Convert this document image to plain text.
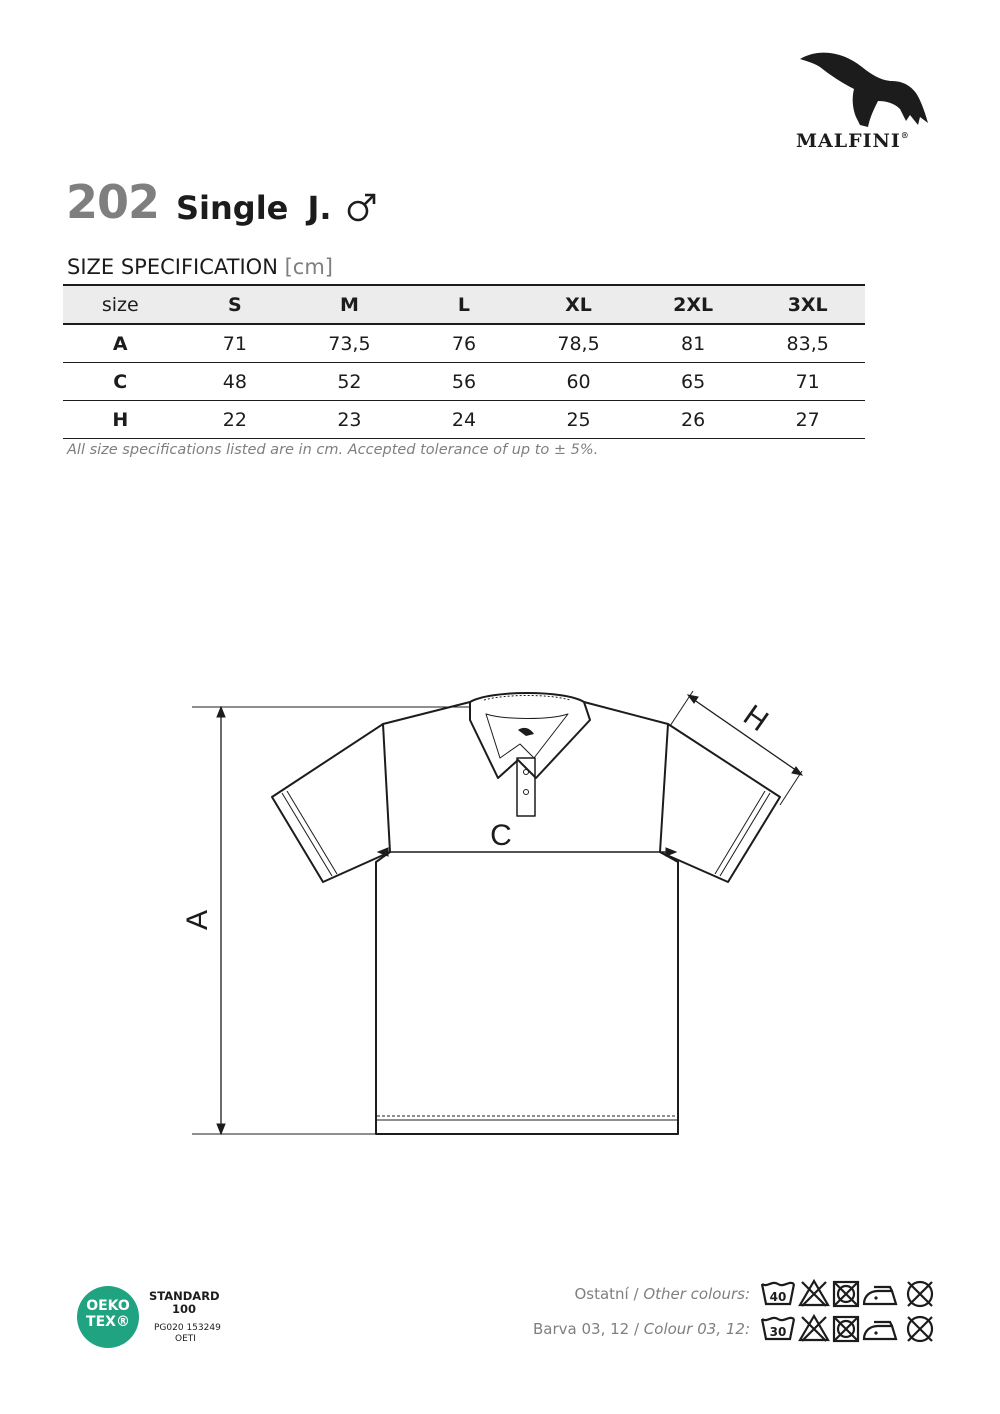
MALFINI®
202 Single J.
SIZE SPECIFICATION [cm]
size	S	M	L	XL	2XL	3XL
A	71	73,5	76	78,5	81	83,5
C	48	52	56	60	65	71
H	22	23	24	25	26	27
All size specifications listed are in cm. Accepted tolerance of up to ± 5%.
A
C
H
OEKO
TEX®
STANDARD
100
PG020 153249
OETI
Ostatní / Other colours: 40
Barva 03, 12 / Colour 03, 12: 30
